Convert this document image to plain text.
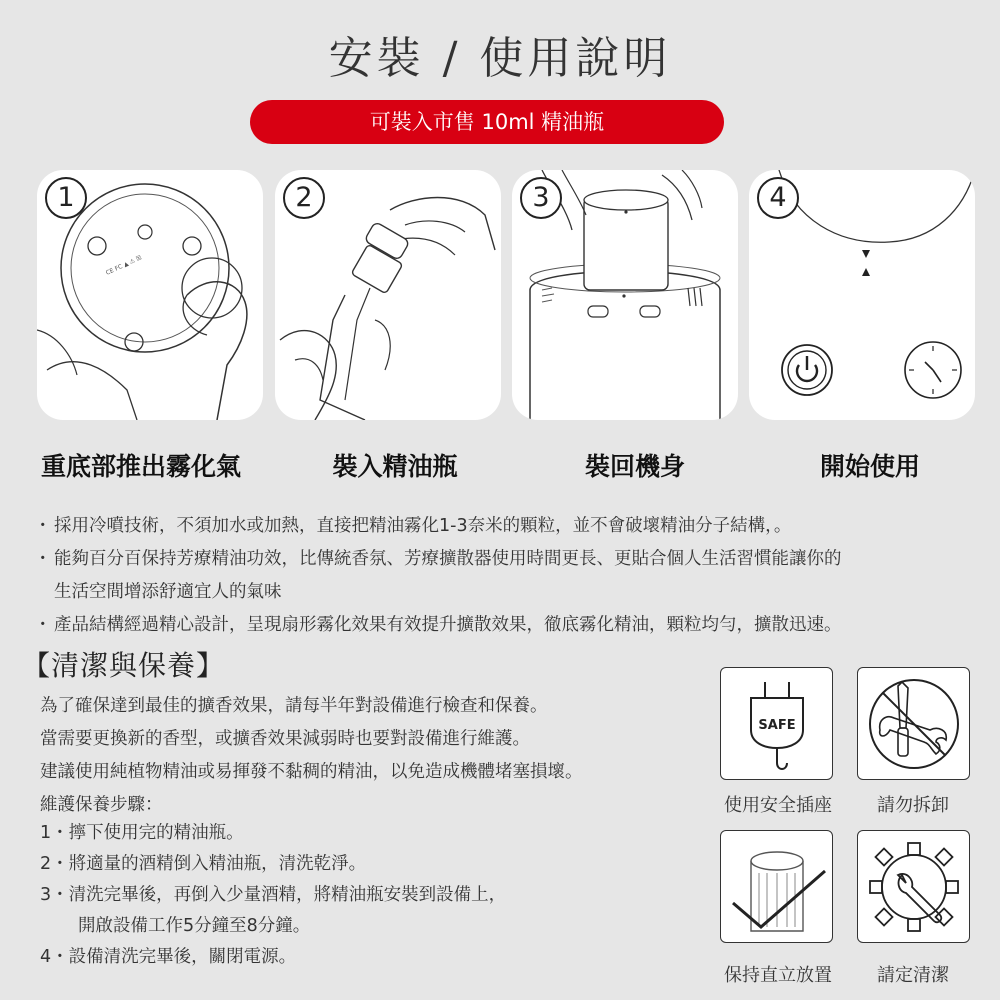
安裝 / 使用說明
可裝入市售 10ml 精油瓶
CE FC ▲ ⚠ ☒
1	2	3	4
重底部推出霧化氣	裝入精油瓶	裝回機身	開始使用
・ 採用冷噴技術，不須加水或加熱，直接把精油霧化1-3奈米的顆粒，並不會破壞精油分子結構，。
・ 能夠百分百保持芳療精油功效，比傳統香氛、芳療擴散器使用時間更長、更貼合個人生活習慣能讓你的
生活空間增添舒適宜人的氣味
・ 產品結構經過精心設計，呈現扇形霧化效果有效提升擴散效果，徹底霧化精油，顆粒均勻，擴散迅速。
【清潔與保養】
為了確保達到最佳的擴香效果，請每半年對設備進行檢查和保養。
當需要更換新的香型，或擴香效果減弱時也要對設備進行維護。
建議使用純植物精油或易揮發不黏稠的精油，以免造成機體堵塞損壞。
維護保養步驟：
1・擰下使用完的精油瓶。
2・將適量的酒精倒入精油瓶，清洗乾淨。
3・清洗完畢後，再倒入少量酒精，將精油瓶安裝到設備上，
開啟設備工作5分鐘至8分鐘。
4・設備清洗完畢後，關閉電源。
SAFE
使用安全插座	請勿拆卸
保持直立放置	請定清潔
